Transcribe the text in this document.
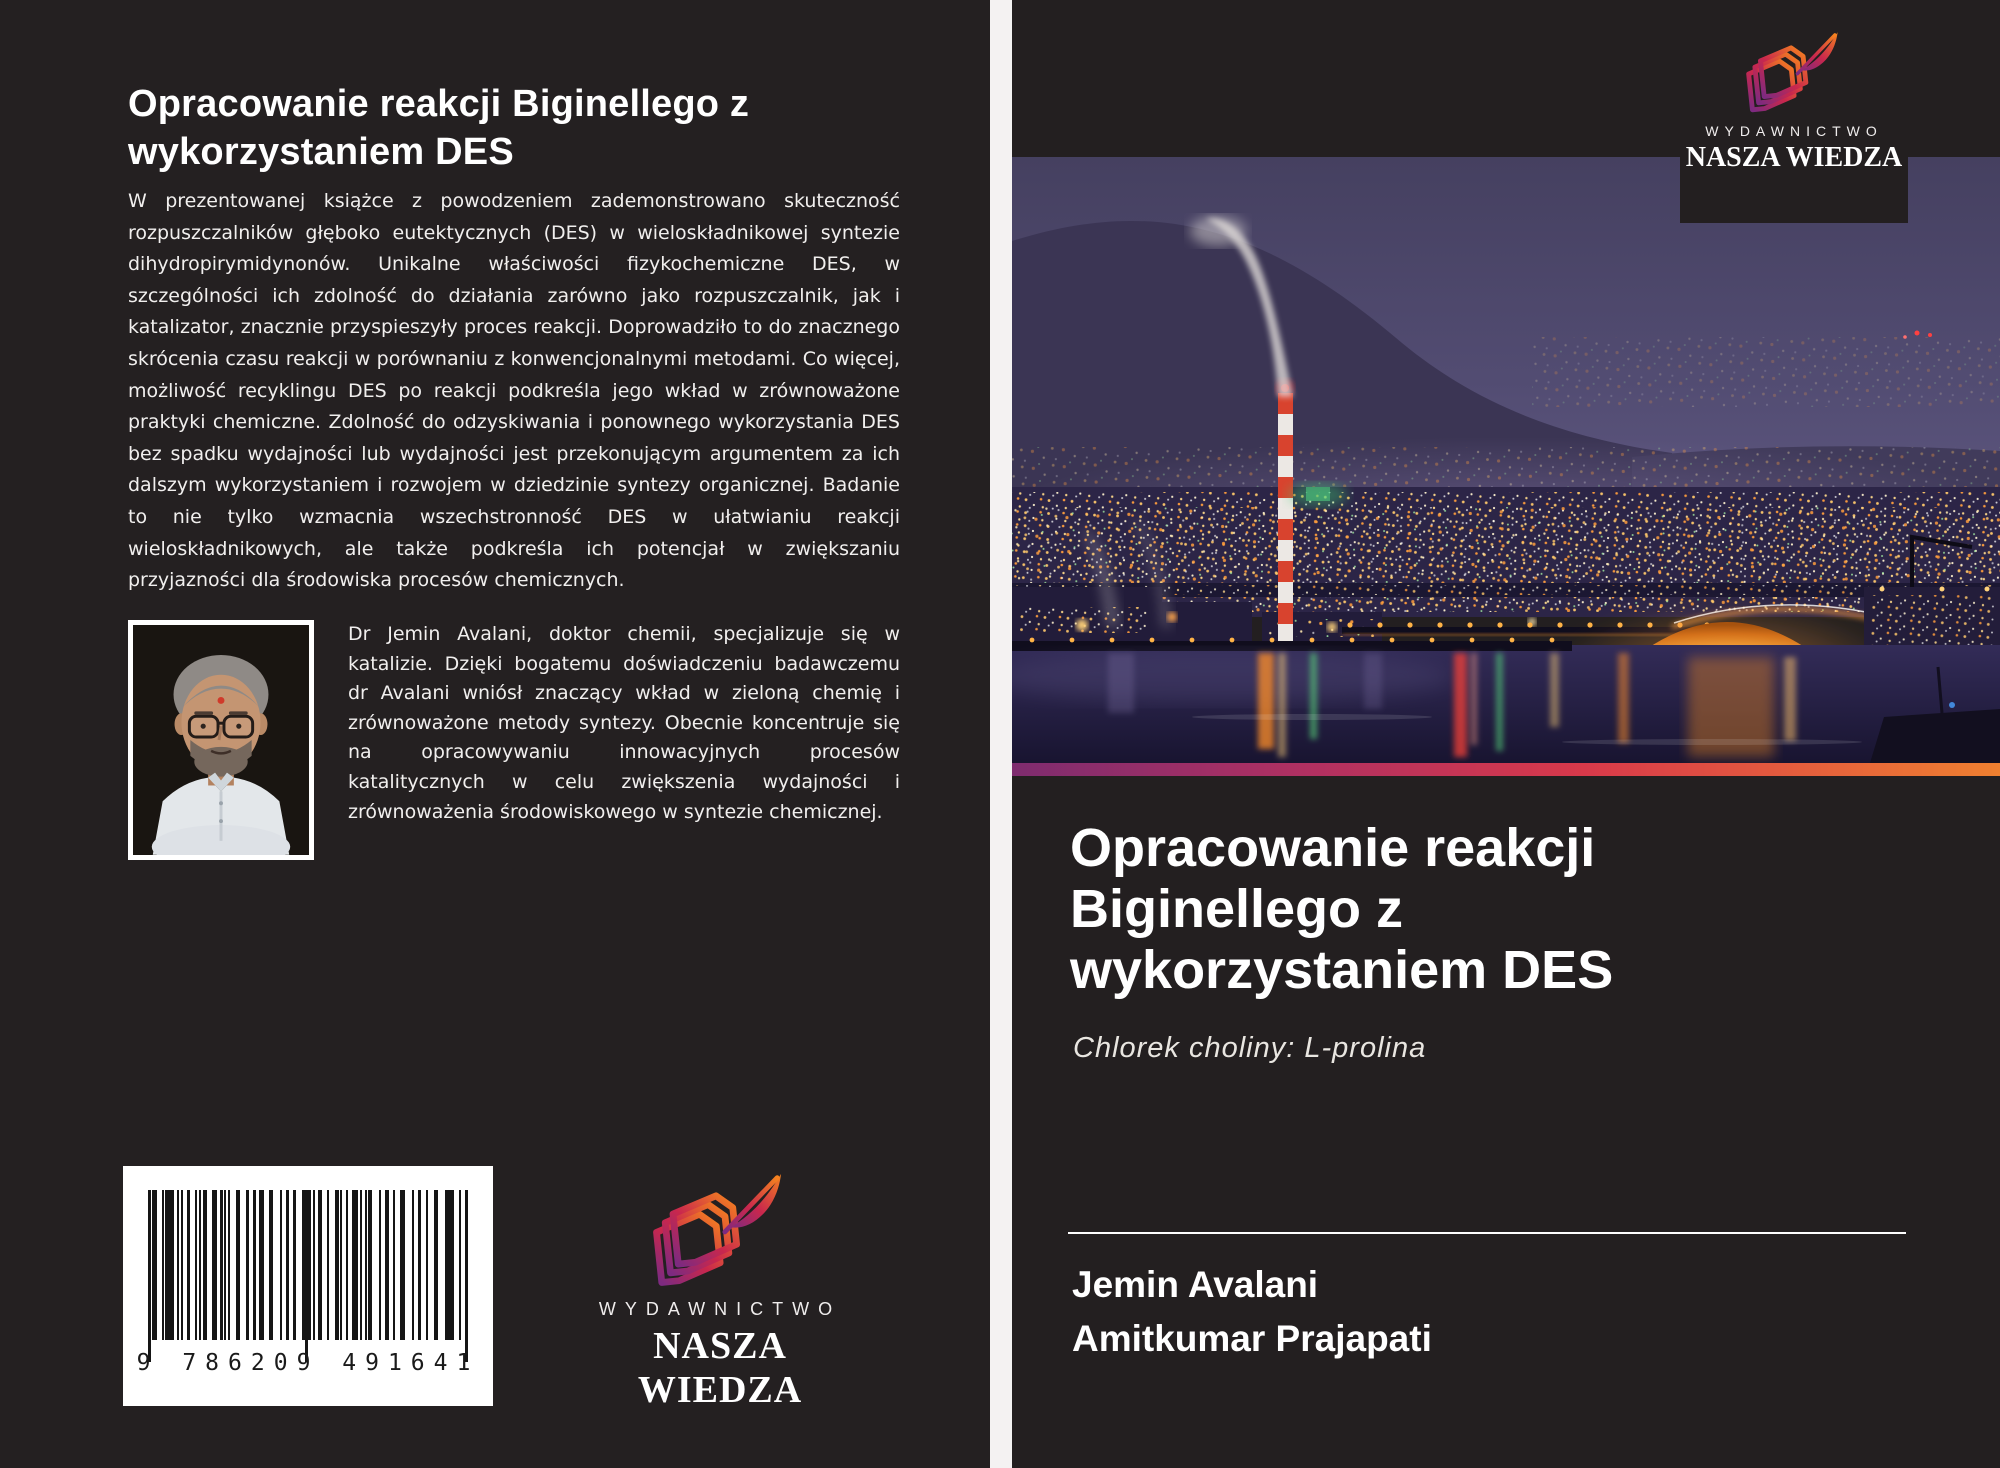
Opracowanie reakcji Biginellego z
wykorzystaniem DES
W prezentowanej książce z powodzeniem zademonstrowano skuteczność rozpuszczalników głęboko eutektycznych (DES) w wieloskładnikowej syntezie dihydropirymidynonów. Unikalne właściwości fizykochemiczne DES, w szczególności ich zdolność do działania zarówno jako rozpuszczalnik, jak i katalizator, znacznie przyspieszyły proces reakcji. Doprowadziło to do znacznego skrócenia czasu reakcji w porównaniu z konwencjonalnymi metodami. Co więcej, możliwość recyklingu DES po reakcji podkreśla jego wkład w zrównoważone praktyki chemiczne. Zdolność do odzyskiwania i ponownego wykorzystania DES bez spadku wydajności lub wydajności jest przekonującym argumentem za ich dalszym wykorzystaniem i rozwojem w dziedzinie syntezy organicznej. Badanie to nie tylko wzmacnia wszechstronność DES w ułatwianiu reakcji wieloskładnikowych, ale także podkreśla ich potencjał w zwiększaniu przyjazności dla środowiska procesów chemicznych.
Dr Jemin Avalani, doktor chemii, specjalizuje się w katalizie. Dzięki bogatemu doświadczeniu badawczemu dr Avalani wniósł znaczący wkład w zieloną chemię i zrównoważone metody syntezy. Obecnie koncentruje się na opracowywaniu innowacyjnych procesów katalitycznych w celu zwiększenia wydajności i zrównoważenia środowiskowego w syntezie chemicznej.
9 786209 491641
WYDAWNICTWO
NASZA WIEDZA
WYDAWNICTWO
NASZA WIEDZA
Opracowanie reakcji
Biginellego z
wykorzystaniem DES
Chlorek choliny: L-prolina
Jemin Avalani
Amitkumar Prajapati
